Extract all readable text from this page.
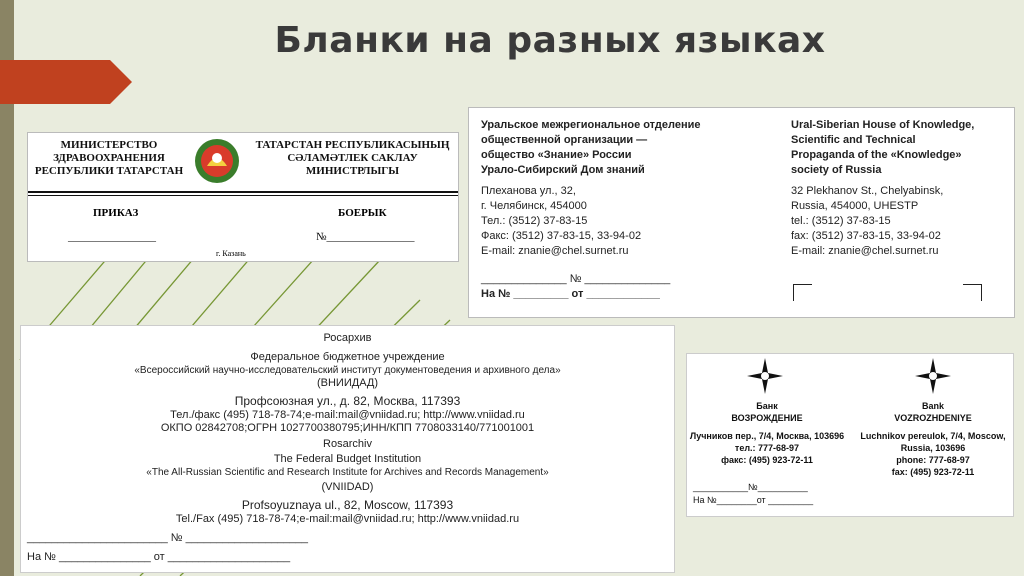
Бланки на разных языках
МИНИСТЕРСТВО
ЗДРАВООХРАНЕНИЯ
РЕСПУБЛИКИ ТАТАРСТАН
ТАТАРСТАН РЕСПУБЛИКАСЫНЫҢ
СӘЛАМӘТЛЕК САКЛАУ
МИНИСТРЛЫГЫ
ПРИКАЗ	БОЕРЫК
________________	№________________
г. Казань
Уральское межрегиональное отделение
общественной организации —
общество «Знание» России
Урало-Сибирский Дом знаний
Плеханова ул., 32,
г. Челябинск, 454000
Тел.: (3512) 37-83-15
Факс: (3512) 37-83-15, 33-94-02
E-mail: znanie@chel.surnet.ru
Ural-Siberian House of Knowledge,
Scientific and Technical
Propaganda of the «Knowledge»
society of Russia
32 Plekhanov St., Chelyabinsk,
Russia, 454000, UHESTP
tel.: (3512) 37-83-15
fax: (3512) 37-83-15, 33-94-02
E-mail: znanie@chel.surnet.ru
______________ № ______________
На № _________ от ____________
Росархив
Федеральное бюджетное учреждение
«Всероссийский научно-исследовательский институт документоведения и архивного дела»
(ВНИИДАД)
Профсоюзная ул., д. 82, Москва, 117393
Тел./факс (495) 718-78-74;e-mail:mail@vniidad.ru; http://www.vniidad.ru
ОКПО 02842708;ОГРН 1027700380795;ИНН/КПП 7708033140/771001001
Rosarchiv
The Federal Budget Institution
«The All-Russian Scientific and Research Institute for Archives and Records Management»
(VNIIDAD)
Profsoyuznaya ul., 82, Moscow, 117393
Tel./Fax (495) 718-78-74;e-mail:mail@vniidad.ru; http://www.vniidad.ru
_______________________ № ____________________
На № _______________ от ____________________
Банк
ВОЗРОЖДЕНИЕ
Лучников пер., 7/4, Москва, 103696
тел.: 777-68-97
факс: (495) 923-72-11
Bank
VOZROZHDENIYE
Luchnikov pereulok, 7/4, Moscow,
Russia, 103696
phone: 777-68-97
fax: (495) 923-72-11
___________№__________
На №________от _________
